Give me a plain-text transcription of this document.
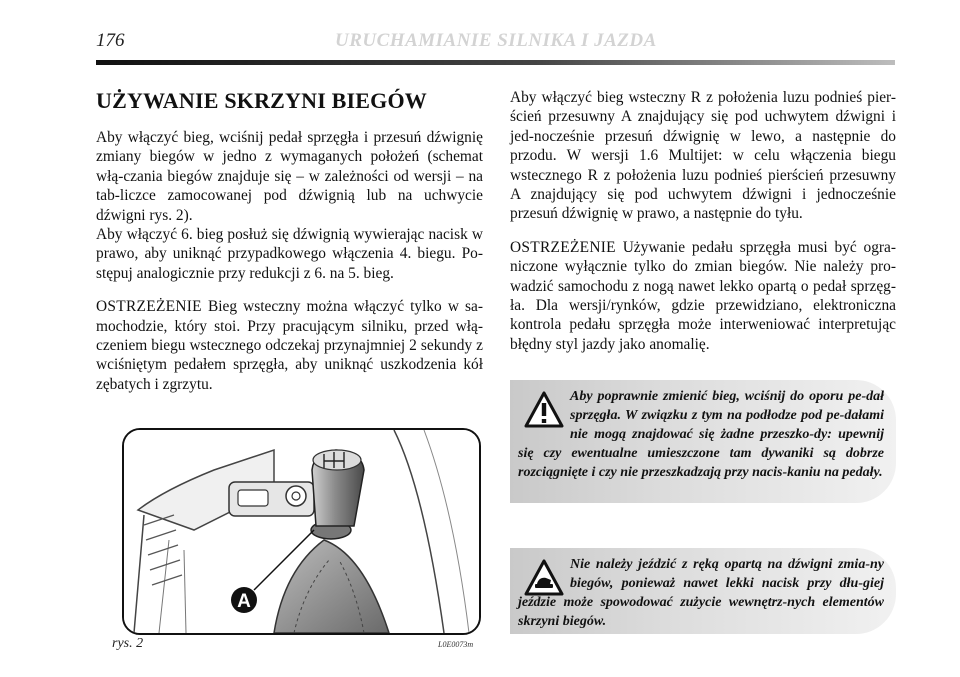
176	URUCHAMIANIE SILNIKA I JAZDA
UŻYWANIE SKRZYNI BIEGÓW

Aby włączyć bieg, wciśnij pedał sprzęgła i przesuń dźwignię zmiany biegów w jedno z wymaganych położeń (schemat włą-czania biegów znajduje się – w zależności od wersji – na tab-liczce zamocowanej pod dźwignią lub na uchwycie dźwigni rys. 2).

Aby włączyć 6. bieg posłuż się dźwignią wywierając nacisk w prawo, aby uniknąć przypadkowego włączenia 4. biegu. Po-stępuj analogicznie przy redukcji z 6. na 5. bieg.

OSTRZEŻENIE Bieg wsteczny można włączyć tylko w sa-mochodzie, który stoi. Przy pracującym silniku, przed włą-czeniem biegu wstecznego odczekaj przynajmniej 2 sekundy z wciśniętym pedałem sprzęgła, aby uniknąć uszkodzenia kół zębatych i zgrzytu.

Aby włączyć bieg wsteczny R z położenia luzu podnieś pier-ścień przesuwny A znajdujący się pod uchwytem dźwigni i jed-nocześnie przesuń dźwignię w lewo, a następnie do przodu. W wersji 1.6 Multijet: w celu włączenia biegu wstecznego R z położenia luzu podnieś pierścień przesuwny A znajdujący się pod uchwytem dźwigni i jednocześnie przesuń dźwignię w prawo, a następnie do tyłu.

OSTRZEŻENIE Używanie pedału sprzęgła musi być ogra-niczone wyłącznie tylko do zmian biegów. Nie należy pro-wadzić samochodu z nogą nawet lekko opartą o pedał sprzęg-ła. Dla wersji/rynków, gdzie przewidziano, elektroniczna kontrola pedału sprzęgła może interweniować interpretując błędny styl jazdy jako anomalię.

Aby poprawnie zmienić bieg, wciśnij do oporu pe-dał sprzęgła. W związku z tym na podłodze pod pe-dałami nie mogą znajdować się żadne przeszko-dy: upewnij się czy ewentualne umieszczone tam dywaniki są dobrze rozciągnięte i czy nie przeszkadzają przy nacis-kaniu na pedały.
Nie należy jeździć z ręką opartą na dźwigni zmia-ny biegów, ponieważ nawet lekki nacisk przy dłu-giej jeździe może spowodować zużycie wewnętrz-nych elementów skrzyni biegów.
A
rys. 2	L0E0073m
